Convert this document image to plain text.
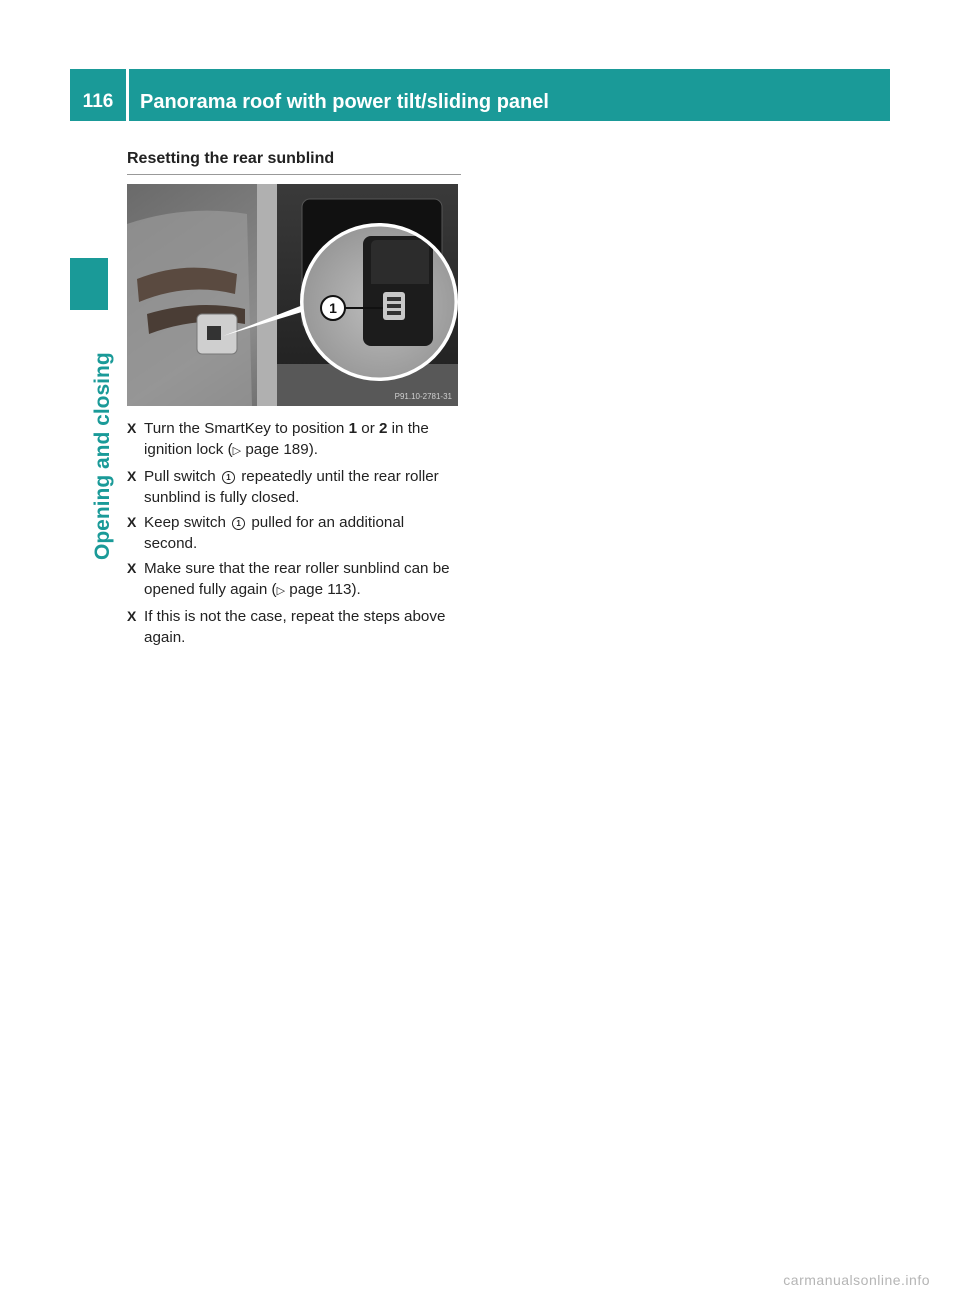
116	Panorama roof with power tilt/sliding panel
Opening and closing
Resetting the rear sunblind
1
P91.10-2781-31
X Turn the SmartKey to position 1 or 2 in the ignition lock (▷ page 189).
X Pull switch 1 repeatedly until the rear roller sunblind is fully closed.
X Keep switch 1 pulled for an additional second.
X Make sure that the rear roller sunblind can be opened fully again (▷ page 113).
X If this is not the case, repeat the steps above again.
carmanualsonline.info
